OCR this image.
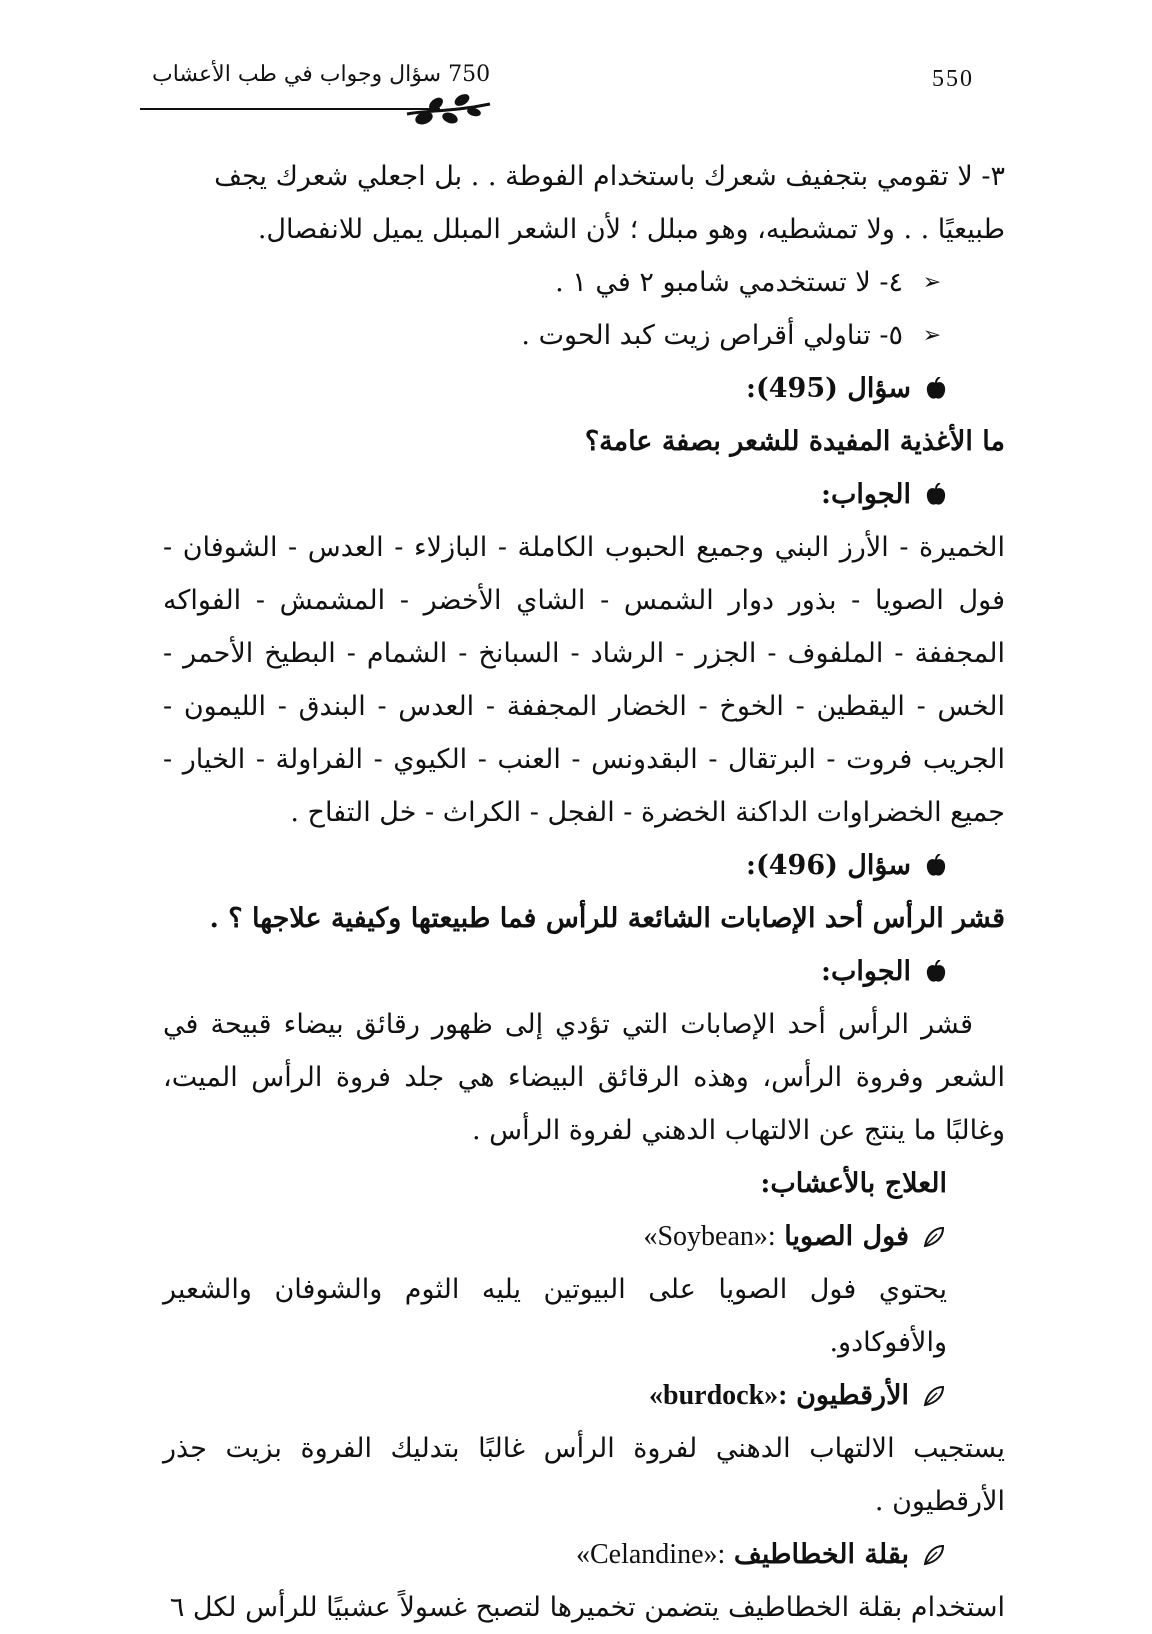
550
750 سؤال وجواب في طب الأعشاب

٣- لا تقومي بتجفيف شعرك باستخدام الفوطة . . بل اجعلي شعرك يجف

طبيعيًا . . ولا تمشطيه، وهو مبلل ؛ لأن الشعر المبلل يميل للانفصال.

➢
٤- لا تستخدمي شامبو ٢ في ١ .
➢
٥- تناولي أقراص زيت كبد الحوت .
سؤال (495):

ما الأغذية المفيدة للشعر بصفة عامة؟

الجواب:

الخميرة - الأرز البني وجميع الحبوب الكاملة - البازلاء - العدس - الشوفان - فول الصويا - بذور دوار الشمس - الشاي الأخضر - المشمش - الفواكه المجففة - الملفوف - الجزر - الرشاد - السبانخ - الشمام - البطيخ الأحمر - الخس - اليقطين - الخوخ - الخضار المجففة - العدس - البندق - الليمون - الجريب فروت - البرتقال - البقدونس - العنب - الكيوي - الفراولة - الخيار - جميع الخضراوات الداكنة الخضرة - الفجل - الكراث - خل التفاح .

سؤال (496):

قشر الرأس أحد الإصابات الشائعة للرأس فما طبيعتها وكيفية علاجها ؟ .

الجواب:

قشر الرأس أحد الإصابات التي تؤدي إلى ظهور رقائق بيضاء قبيحة في الشعر وفروة الرأس، وهذه الرقائق البيضاء هي جلد فروة الرأس الميت، وغالبًا ما ينتج عن الالتهاب الدهني لفروة الرأس .

العلاج بالأعشاب:

فول الصويا

«Soybean»:

يحتوي فول الصويا على البيوتين يليه الثوم والشوفان والشعير والأفوكادو.

الأرقطيون

«burdock»:

يستجيب الالتهاب الدهني لفروة الرأس غالبًا بتدليك الفروة بزيت جذر الأرقطيون .

بقلة الخطاطيف

«Celandine»:

استخدام بقلة الخطاطيف يتضمن تخميرها لتصبح غسولاً عشبيًا للرأس لكل ٦
